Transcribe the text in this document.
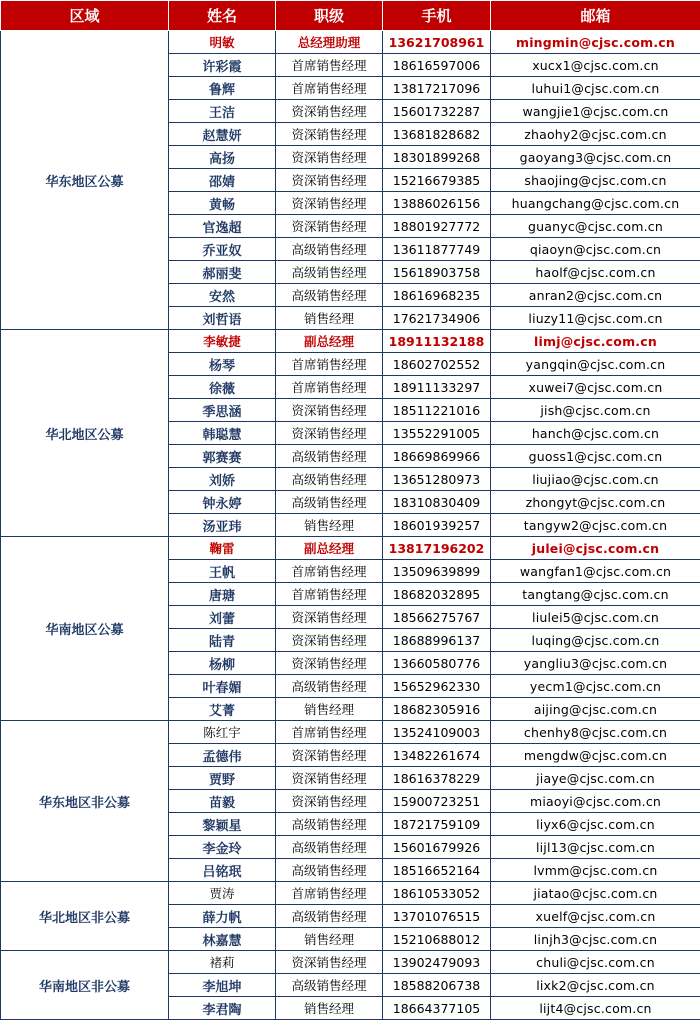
区域	姓名	职级	手机	邮箱
华东地区公募	明敏	总经理助理	13621708961	mingmin@cjsc.com.cn
	许彩霞	首席销售经理	18616597006	xucx1@cjsc.com.cn
	鲁辉	首席销售经理	13817217096	luhui1@cjsc.com.cn
	王洁	资深销售经理	15601732287	wangjie1@cjsc.com.cn
	赵慧妍	资深销售经理	13681828682	zhaohy2@cjsc.com.cn
	高扬	资深销售经理	18301899268	gaoyang3@cjsc.com.cn
	邵婧	资深销售经理	15216679385	shaojing@cjsc.com.cn
	黄畅	资深销售经理	13886026156	huangchang@cjsc.com.cn
	官逸超	资深销售经理	18801927772	guanyc@cjsc.com.cn
	乔亚奴	高级销售经理	13611877749	qiaoyn@cjsc.com.cn
	郝丽斐	高级销售经理	15618903758	haolf@cjsc.com.cn
	安然	高级销售经理	18616968235	anran2@cjsc.com.cn
	刘哲语	销售经理	17621734906	liuzy11@cjsc.com.cn
华北地区公募	李敏捷	副总经理	18911132188	limj@cjsc.com.cn
	杨琴	首席销售经理	18602702552	yangqin@cjsc.com.cn
	徐薇	首席销售经理	18911133297	xuwei7@cjsc.com.cn
	季思涵	资深销售经理	18511221016	jish@cjsc.com.cn
	韩聪慧	资深销售经理	13552291005	hanch@cjsc.com.cn
	郭赛赛	高级销售经理	18669869966	guoss1@cjsc.com.cn
	刘娇	高级销售经理	13651280973	liujiao@cjsc.com.cn
	钟永婷	高级销售经理	18310830409	zhongyt@cjsc.com.cn
	汤亚玮	销售经理	18601939257	tangyw2@cjsc.com.cn
华南地区公募	鞠雷	副总经理	13817196202	julei@cjsc.com.cn
	王帆	首席销售经理	13509639899	wangfan1@cjsc.com.cn
	唐瑭	首席销售经理	18682032895	tangtang@cjsc.com.cn
	刘蕾	资深销售经理	18566275767	liulei5@cjsc.com.cn
	陆青	资深销售经理	18688996137	luqing@cjsc.com.cn
	杨柳	资深销售经理	13660580776	yangliu3@cjsc.com.cn
	叶春媚	高级销售经理	15652962330	yecm1@cjsc.com.cn
	艾菁	销售经理	18682305916	aijing@cjsc.com.cn
华东地区非公募	陈红宇	首席销售经理	13524109003	chenhy8@cjsc.com.cn
	孟德伟	资深销售经理	13482261674	mengdw@cjsc.com.cn
	贾野	资深销售经理	18616378229	jiaye@cjsc.com.cn
	苗毅	资深销售经理	15900723251	miaoyi@cjsc.com.cn
	黎颖星	高级销售经理	18721759109	liyx6@cjsc.com.cn
	李金玲	高级销售经理	15601679926	lijl13@cjsc.com.cn
	吕铭珉	高级销售经理	18516652164	lvmm@cjsc.com.cn
华北地区非公募	贾涛	首席销售经理	18610533052	jiatao@cjsc.com.cn
	薛力帆	高级销售经理	13701076515	xuelf@cjsc.com.cn
	林嘉慧	销售经理	15210688012	linjh3@cjsc.com.cn
华南地区非公募	褚莉	资深销售经理	13902479093	chuli@cjsc.com.cn
	李旭坤	高级销售经理	18588206738	lixk2@cjsc.com.cn
	李君陶	销售经理	18664377105	lijt4@cjsc.com.cn
